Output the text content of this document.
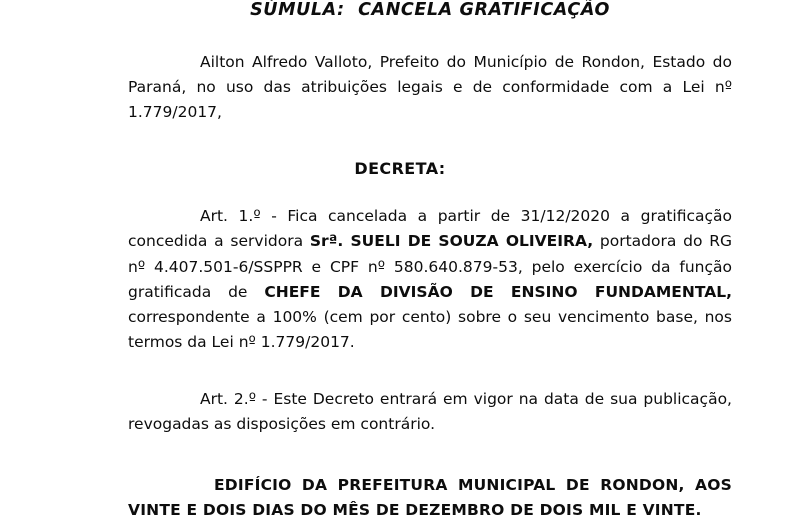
SÚMULA:  CANCELA GRATIFICAÇÃO

Ailton Alfredo Valloto, Prefeito do Município de Rondon, Estado do Paraná, no uso das atribuições legais e de conformidade com a Lei nº 1.779/2017,

DECRETA:

Art. 1.º - Fica cancelada a partir de 31/12/2020 a gratificação concedida a servidora Srª. SUELI DE SOUZA OLIVEIRA, portadora do RG nº 4.407.501-6/SSPPR e CPF nº 580.640.879-53, pelo exercício da função gratificada de CHEFE DA DIVISÃO DE ENSINO FUNDAMENTAL, correspondente a 100% (cem por cento) sobre o seu vencimento base, nos termos da Lei nº 1.779/2017.

Art. 2.º - Este Decreto entrará em vigor na data de sua publicação, revogadas as disposições em contrário.

EDIFÍCIO DA PREFEITURA MUNICIPAL DE RONDON, AOS VINTE E DOIS DIAS DO MÊS DE DEZEMBRO DE DOIS MIL E VINTE.
